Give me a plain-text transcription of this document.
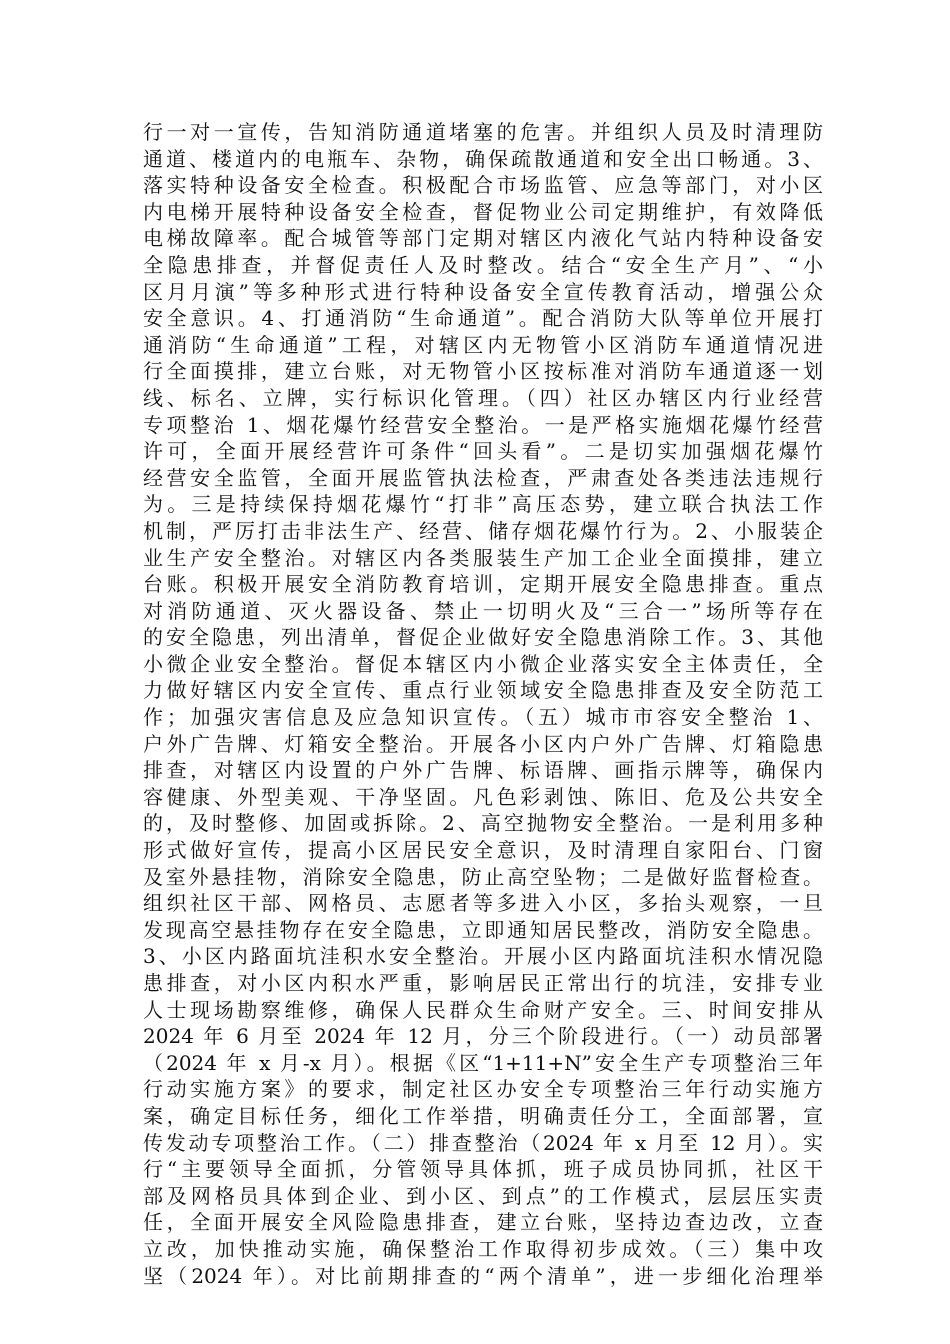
行一对一宣传，告知消防通道堵塞的危害。并组织人员及时清理防

通道、楼道内的电瓶车、杂物，确保疏散通道和安全出口畅通。3、

落实特种设备安全检查。积极配合市场监管、应急等部门，对小区

内电梯开展特种设备安全检查，督促物业公司定期维护，有效降低

电梯故障率。配合城管等部门定期对辖区内液化气站内特种设备安

全隐患排查，并督促责任人及时整改。结合“安全生产月”、“小

区月月演”等多种形式进行特种设备安全宣传教育活动，增强公众

安全意识。4、打通消防“生命通道”。配合消防大队等单位开展打

通消防“生命通道”工程，对辖区内无物管小区消防车通道情况进

行全面摸排，建立台账，对无物管小区按标准对消防车通道逐一划

线、标名、立牌，实行标识化管理。（四）社区办辖区内行业经营

专项整治 1、烟花爆竹经营安全整治。一是严格实施烟花爆竹经营

许可，全面开展经营许可条件“回头看”。二是切实加强烟花爆竹

经营安全监管，全面开展监管执法检查，严肃查处各类违法违规行

为。三是持续保持烟花爆竹“打非”高压态势，建立联合执法工作

机制，严厉打击非法生产、经营、储存烟花爆竹行为。2、小服装企

业生产安全整治。对辖区内各类服装生产加工企业全面摸排，建立

台账。积极开展安全消防教育培训，定期开展安全隐患排查。重点

对消防通道、灭火器设备、禁止一切明火及“三合一”场所等存在

的安全隐患，列出清单，督促企业做好安全隐患消除工作。3、其他

小微企业安全整治。督促本辖区内小微企业落实安全主体责任，全

力做好辖区内安全宣传、重点行业领域安全隐患排查及安全防范工

作；加强灾害信息及应急知识宣传。（五）城市市容安全整治 1、

户外广告牌、灯箱安全整治。开展各小区内户外广告牌、灯箱隐患

排查，对辖区内设置的户外广告牌、标语牌、画指示牌等，确保内

容健康、外型美观、干净坚固。凡色彩剥蚀、陈旧、危及公共安全

的，及时整修、加固或拆除。2、高空抛物安全整治。一是利用多种

形式做好宣传，提高小区居民安全意识，及时清理自家阳台、门窗

及室外悬挂物，消除安全隐患，防止高空坠物；二是做好监督检查。

组织社区干部、网格员、志愿者等多进入小区，多抬头观察，一旦

发现高空悬挂物存在安全隐患，立即通知居民整改，消防安全隐患。

3、小区内路面坑洼积水安全整治。开展小区内路面坑洼积水情况隐

患排查，对小区内积水严重，影响居民正常出行的坑洼，安排专业

人士现场勘察维修，确保人民群众生命财产安全。三、时间安排从

2024 年 6 月至 2024 年 12 月，分三个阶段进行。（一）动员部署

（2024 年 x 月-x 月）。根据《区“1+11+N”安全生产专项整治三年

行动实施方案》的要求，制定社区办安全专项整治三年行动实施方

案，确定目标任务，细化工作举措，明确责任分工，全面部署，宣

传发动专项整治工作。（二）排查整治（2024 年 x 月至 12 月）。实

行“主要领导全面抓，分管领导具体抓，班子成员协同抓，社区干

部及网格员具体到企业、到小区、到点”的工作模式，层层压实责

任，全面开展安全风险隐患排查，建立台账，坚持边查边改，立查

立改，加快推动实施，确保整治工作取得初步成效。（三）集中攻

坚（2024 年）。对比前期排查的“两个清单”，进一步细化治理举
